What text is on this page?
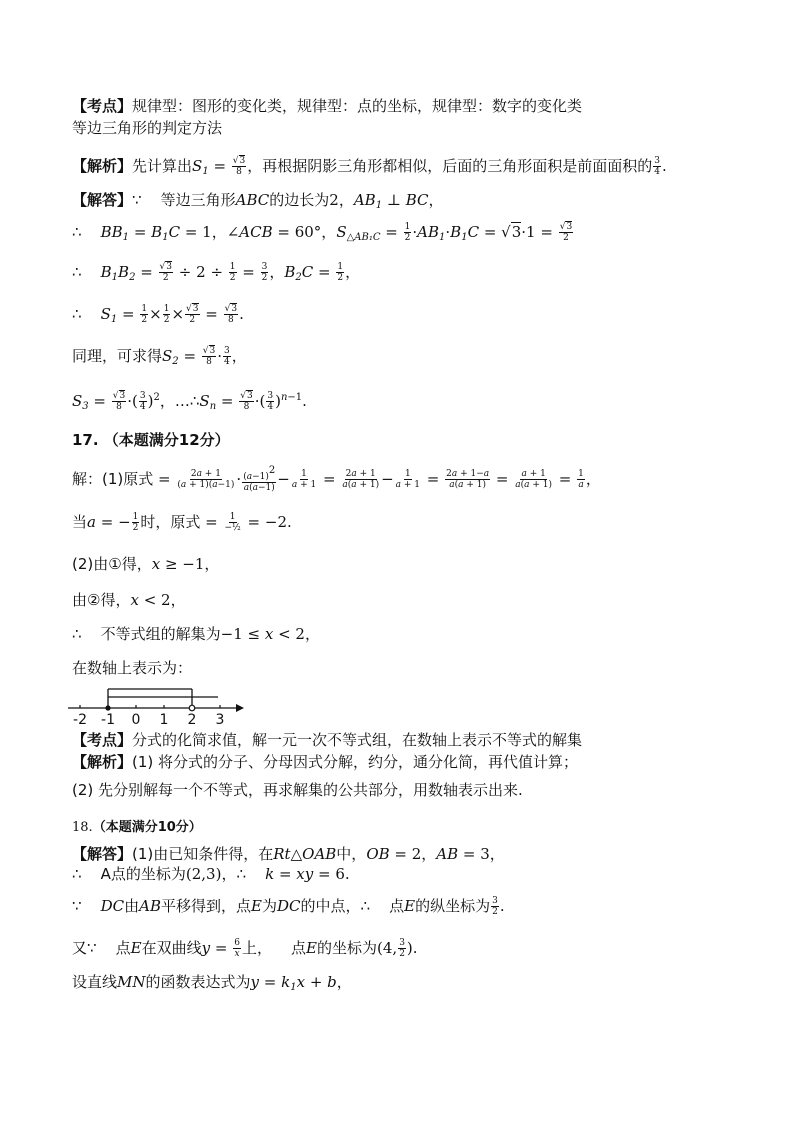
【考点】规律型：图形的变化类，规律型：点的坐标，规律型：数字的变化类
等边三角形的判定方法
【解析】先计算出$S_1 = \frac{√3}{8}$ ，再根据阴影三角形都相似，后面的三角形面积是前面面积的 $\frac{3}{4}$ .
【解答】∵ 等边三角形ABC的边长为2，$AB_1$ ⊥ BC，
∴ $BB_1 = B_1C = 1$，∠ACB = 60°，$S_{\triangle AB_1C} = \frac{1}{2} \cdot AB_1\cdot B_1C = √3\cdot 1 = \frac{√3}{2}$
∴ $B_1B_2 = \frac{√3}{2} \div 2 \div \frac{1}{2} = \frac{3}{2}$ ，$B_2C = \frac{1}{2}$ ，
∴ $S_1 = \frac{1}{2} \times \frac{1}{2} \times \frac{√3}{2} = \frac{√3}{8}$ .
同理，可求得$S_2 = \frac{√3}{8} \cdot \frac{3}{4}$ ，
$S_3 = \frac{√3}{8}$ ·( $\frac{3}{4} )^2$，$\dots\therefore S_n = \frac{√3}{8}$ ·( $\frac{3}{4} )^{n-1}$.
17. （本题满分12分）
解：(1)原式 = $\frac{2a + 1}{(a + 1)(a-1)} \cdot \frac{(a-1)^2}{a(a-1)} - \frac{1}{a + 1} = \frac{2a + 1}{a(a + 1)} - \frac{1}{a + 1} = \frac{2a + 1-a}{a(a + 1)} = \frac{a + 1}{a(a + 1)} = \frac{1}{a}$ ，
当a = − $\frac{1}{2}$ 时，原式 = 1
−½ = −2.
(2)由①得，x ≥ −1，
由②得，x < 2，
∴ 不等式组的解集为−1 ≤ x < 2，
在数轴上表示为：
-2 -1 0 1 2 3
【考点】分式的化简求值，解一元一次不等式组，在数轴上表示不等式的解集
【解析】(1) 将分式的分子、分母因式分解，约分，通分化简，再代值计算；
(2) 先分别解每一个不等式，再求解集的公共部分，用数轴表示出来.
18.（本题满分10分）
【解答】(1)由已知条件得，在Rt△OAB中，OB = 2，AB = 3，
∴ A点的坐标为(2,3)，∴ k = xy = 6.
∵ DC由AB平移得到，点E为DC的中点，∴ 点E的纵坐标为 $\frac{3}{2}$ .
又∵ 点E在双曲线$y = \frac{6}{x}$ 上， 点E的坐标为(4, $\frac{3}{2}$ ).
设直线MN的函数表达式为$y = k_1x + b$，
